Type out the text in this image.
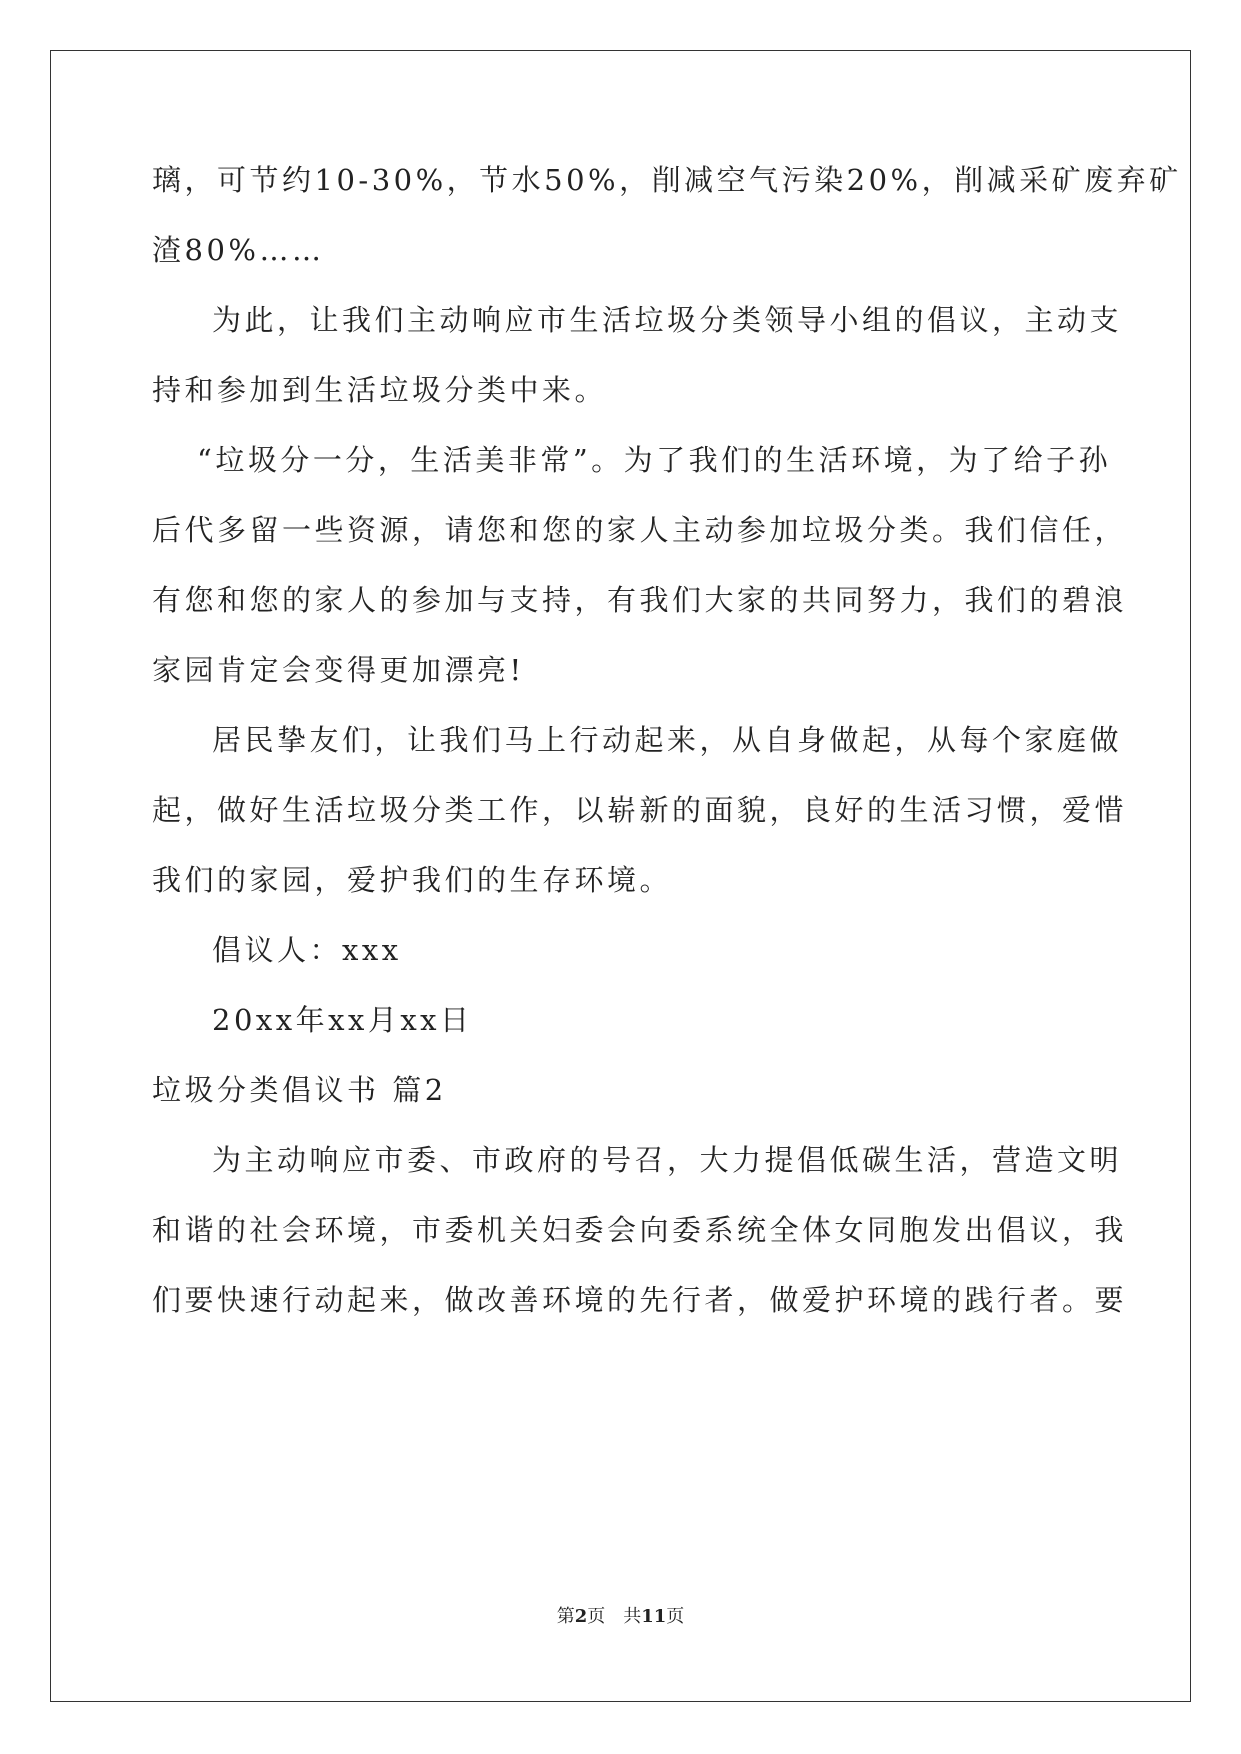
璃，可节约10-30%，节水50%，削减空气污染20%，削减采矿废弃矿
渣80%……
为此，让我们主动响应市生活垃圾分类领导小组的倡议，主动支
持和参加到生活垃圾分类中来。
“垃圾分一分，生活美非常”。为了我们的生活环境，为了给子孙
后代多留一些资源，请您和您的家人主动参加垃圾分类。我们信任，
有您和您的家人的参加与支持，有我们大家的共同努力，我们的碧浪
家园肯定会变得更加漂亮!
居民挚友们，让我们马上行动起来，从自身做起，从每个家庭做
起，做好生活垃圾分类工作，以崭新的面貌，良好的生活习惯，爱惜
我们的家园，爱护我们的生存环境。
倡议人：xxx
20xx年xx月xx日
垃圾分类倡议书 篇2
为主动响应市委、市政府的号召，大力提倡低碳生活，营造文明
和谐的社会环境，市委机关妇委会向委系统全体女同胞发出倡议，我
们要快速行动起来，做改善环境的先行者，做爱护环境的践行者。要
第2页 共11页
